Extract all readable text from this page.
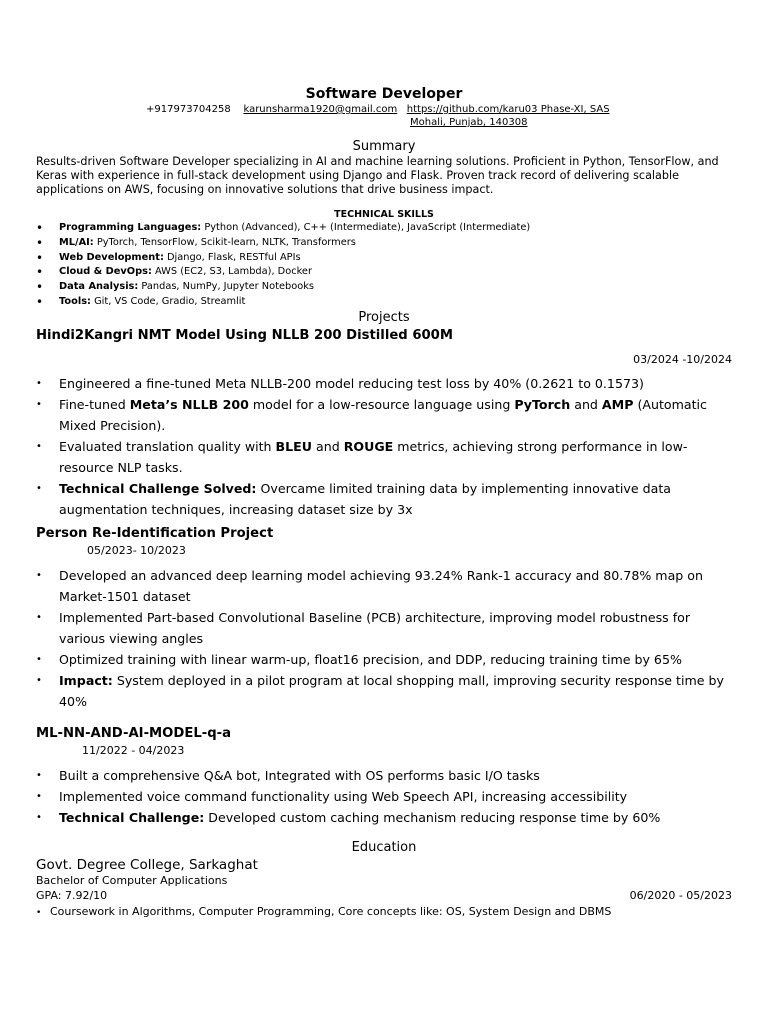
Software Developer
+917973704258 karunsharma1920@gmail.com https://github.com/karu03 Phase-XI, SAS
Mohali, Punjab, 140308
Summary
Results-driven Software Developer specializing in AI and machine learning solutions. Proficient in Python, TensorFlow, and Keras with experience in full-stack development using Django and Flask. Proven track record of delivering scalable applications on AWS, focusing on innovative solutions that drive business impact.
TECHNICAL SKILLS
• Programming Languages: Python (Advanced), C++ (Intermediate), JavaScript (Intermediate)
• ML/AI: PyTorch, TensorFlow, Scikit-learn, NLTK, Transformers
• Web Development: Django, Flask, RESTful APIs
• Cloud & DevOps: AWS (EC2, S3, Lambda), Docker
• Data Analysis: Pandas, NumPy, Jupyter Notebooks
• Tools: Git, VS Code, Gradio, Streamlit
Projects
Hindi2Kangri NMT Model Using NLLB 200 Distilled 600M
03/2024 -10/2024
• Engineered a fine-tuned Meta NLLB-200 model reducing test loss by 40% (0.2621 to 0.1573)
• Fine-tuned Meta’s NLLB 200 model for a low-resource language using PyTorch and AMP (Automatic Mixed Precision).
• Evaluated translation quality with BLEU and ROUGE metrics, achieving strong performance in low-resource NLP tasks.
• Technical Challenge Solved: Overcame limited training data by implementing innovative data augmentation techniques, increasing dataset size by 3x
Person Re-Identification Project
05/2023- 10/2023
• Developed an advanced deep learning model achieving 93.24% Rank-1 accuracy and 80.78% map on Market-1501 dataset
• Implemented Part-based Convolutional Baseline (PCB) architecture, improving model robustness for various viewing angles
• Optimized training with linear warm-up, float16 precision, and DDP, reducing training time by 65%
• Impact: System deployed in a pilot program at local shopping mall, improving security response time by 40%
ML-NN-AND-AI-MODEL-q-a
11/2022 - 04/2023
• Built a comprehensive Q&A bot, Integrated with OS performs basic I/O tasks
• Implemented voice command functionality using Web Speech API, increasing accessibility
• Technical Challenge: Developed custom caching mechanism reducing response time by 60%
Education
Govt. Degree College, Sarkaghat
Bachelor of Computer Applications
GPA: 7.92/10	06/2020 - 05/2023
• Coursework in Algorithms, Computer Programming, Core concepts like: OS, System Design and DBMS
